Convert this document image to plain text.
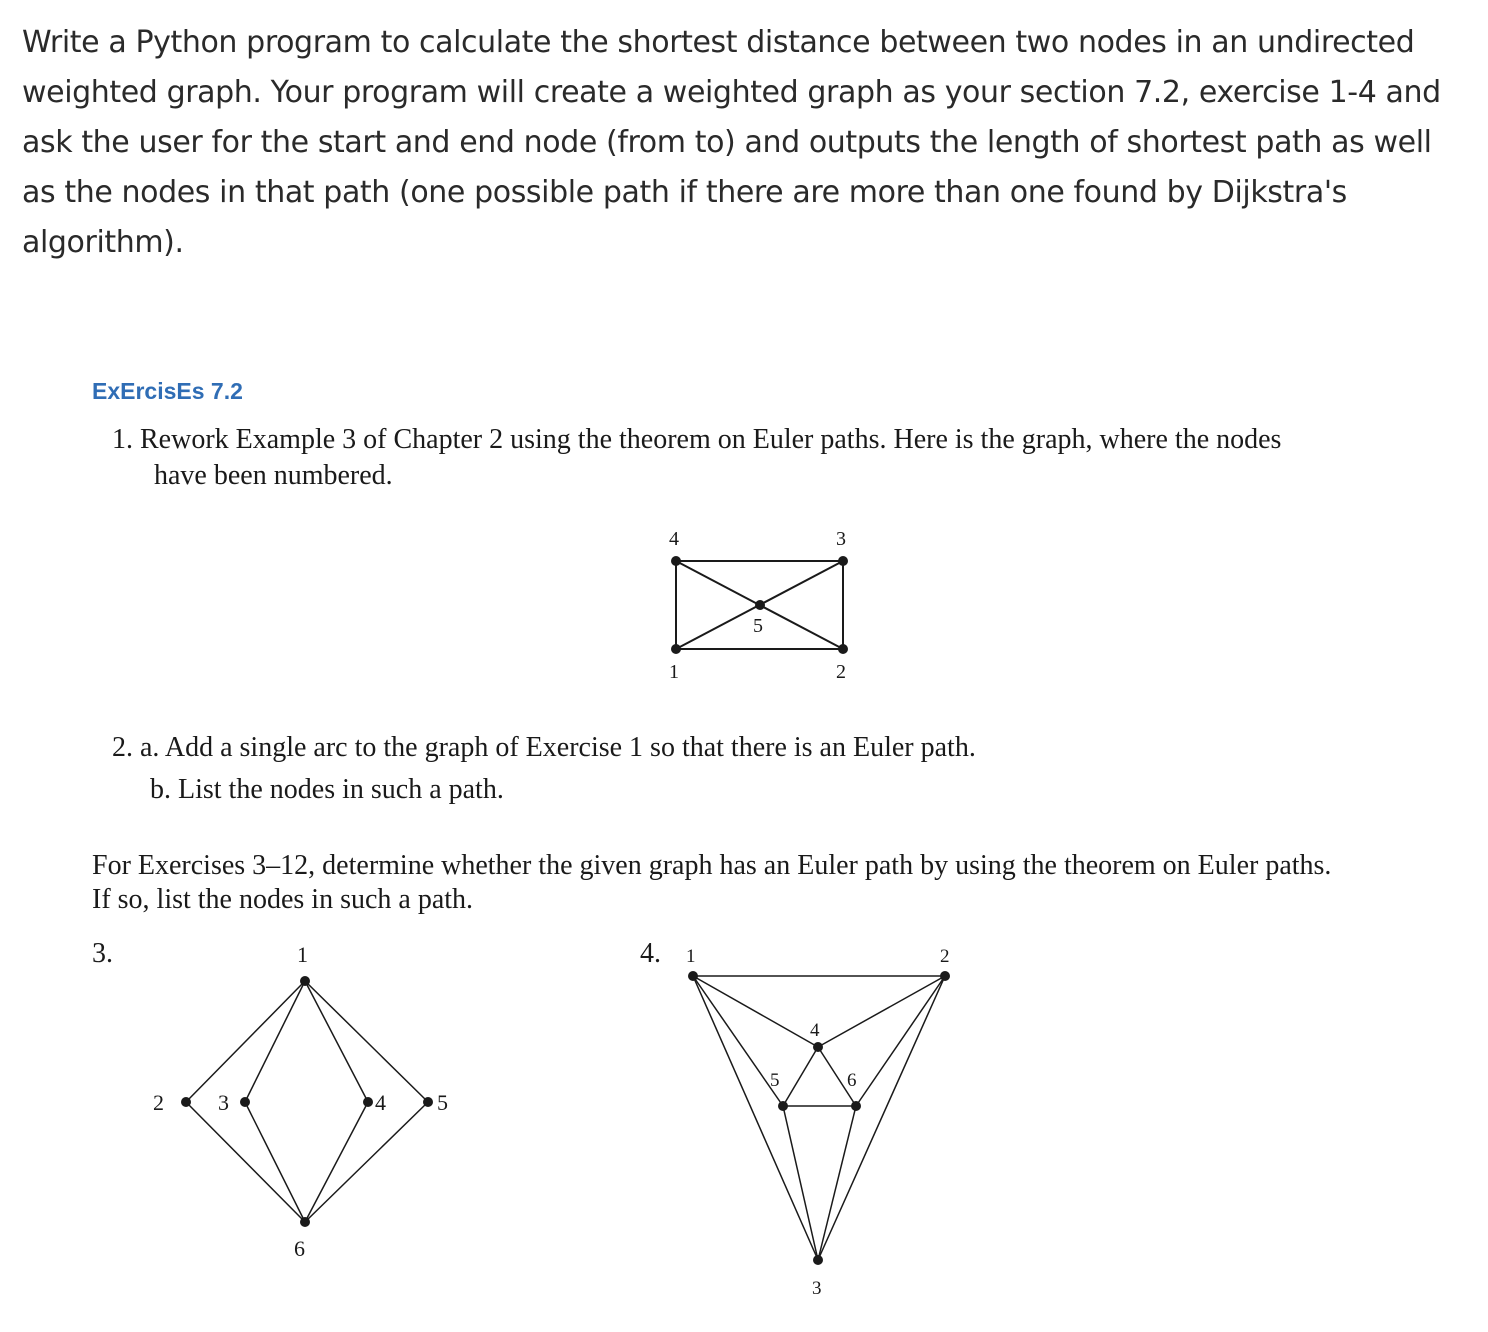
Write a Python program to calculate the shortest distance between two nodes in an undirected
weighted graph. Your program will create a weighted graph as your section 7.2, exercise 1-4 and
ask the user for the start and end node (from to) and outputs the length of shortest path as well
as the nodes in that path (one possible path if there are more than one found by Dijkstra's
algorithm).
ExErcisEs 7.2
1. Rework Example 3 of Chapter 2 using the theorem on Euler paths. Here is the graph, where the nodes
have been numbered.
2. a. Add a single arc to the graph of Exercise 1 so that there is an Euler path.
b. List the nodes in such a path.
For Exercises 3–12, determine whether the given graph has an Euler path by using the theorem on Euler paths.
If so, list the nodes in such a path.
3.	4.
1	2
3
4
5
1
2 3	4 5
6
1	2
3
4
5	6
